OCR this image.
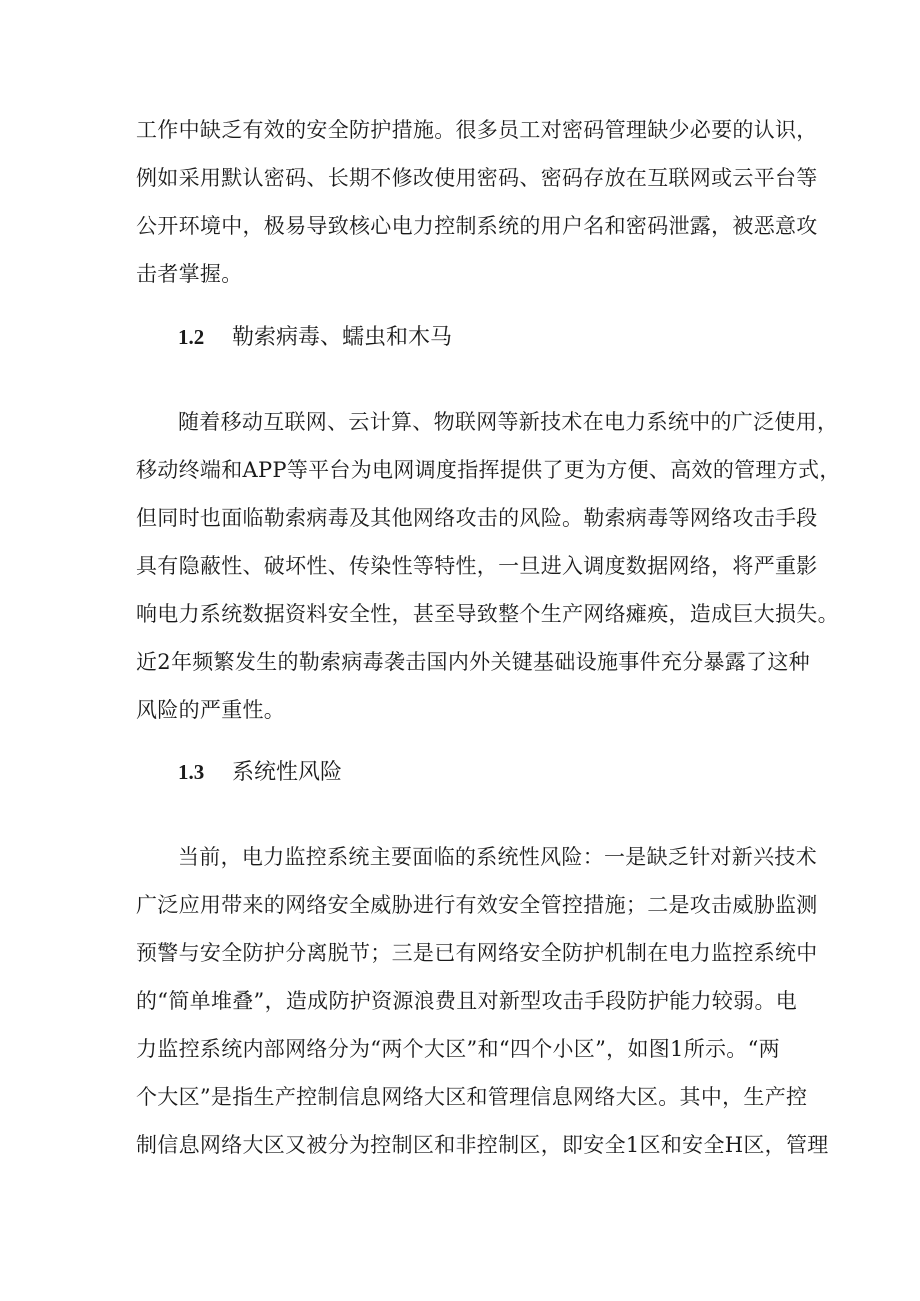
工作中缺乏有效的安全防护措施。很多员工对密码管理缺少必要的认识，
例如采用默认密码、长期不修改使用密码、密码存放在互联网或云平台等
公开环境中，极易导致核心电力控制系统的用户名和密码泄露，被恶意攻
击者掌握。
1.2 勒索病毒、蠕虫和木马
随着移动互联网、云计算、物联网等新技术在电力系统中的广泛使用，
移动终端和APP等平台为电网调度指挥提供了更为方便、高效的管理方式，
但同时也面临勒索病毒及其他网络攻击的风险。勒索病毒等网络攻击手段
具有隐蔽性、破坏性、传染性等特性，一旦进入调度数据网络，将严重影
响电力系统数据资料安全性，甚至导致整个生产网络瘫痪，造成巨大损失。
近2年频繁发生的勒索病毒袭击国内外关键基础设施事件充分暴露了这种
风险的严重性。
1.3 系统性风险
当前，电力监控系统主要面临的系统性风险：一是缺乏针对新兴技术
广泛应用带来的网络安全威胁进行有效安全管控措施；二是攻击威胁监测
预警与安全防护分离脱节；三是已有网络安全防护机制在电力监控系统中
的“简单堆叠”，造成防护资源浪费且对新型攻击手段防护能力较弱。电
力监控系统内部网络分为“两个大区”和“四个小区”，如图1所示。“两
个大区”是指生产控制信息网络大区和管理信息网络大区。其中，生产控
制信息网络大区又被分为控制区和非控制区，即安全1区和安全H区，管理
